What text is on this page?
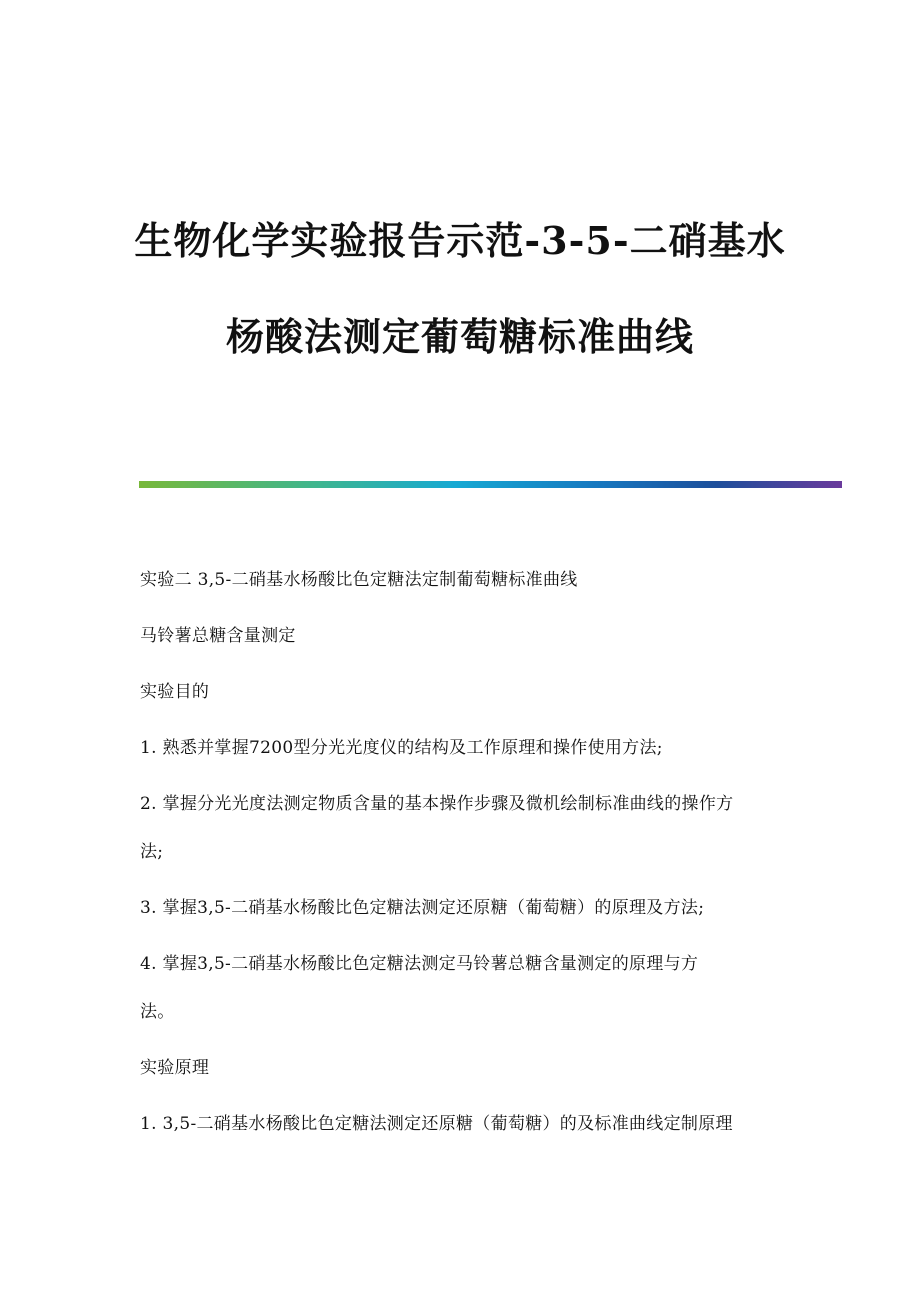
生物化学实验报告示范-3-5-二硝基水
杨酸法测定葡萄糖标准曲线
实验二 3,5-二硝基水杨酸比色定糖法定制葡萄糖标准曲线
马铃薯总糖含量测定
实验目的
1. 熟悉并掌握7200型分光光度仪的结构及工作原理和操作使用方法;
2. 掌握分光光度法测定物质含量的基本操作步骤及微机绘制标准曲线的操作方
法;
3. 掌握3,5-二硝基水杨酸比色定糖法测定还原糖（葡萄糖）的原理及方法;
4. 掌握3,5-二硝基水杨酸比色定糖法测定马铃薯总糖含量测定的原理与方
法。
实验原理
1. 3,5-二硝基水杨酸比色定糖法测定还原糖（葡萄糖）的及标准曲线定制原理
